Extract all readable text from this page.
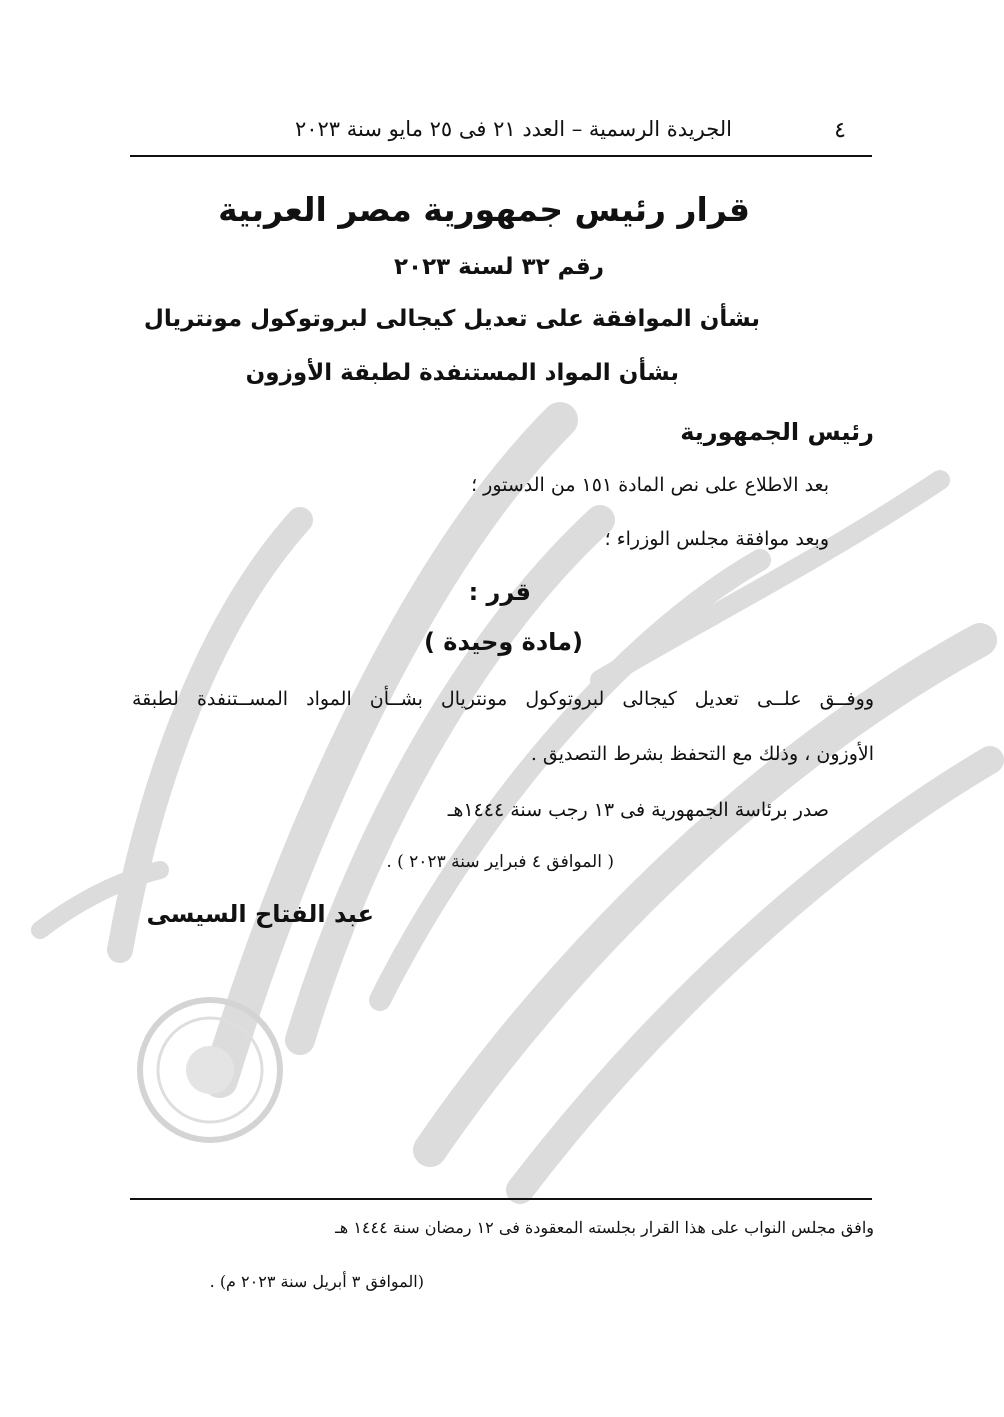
٤
الجريدة الرسمية – العدد ٢١ فى ٢٥ مايو سنة ٢٠٢٣
قرار رئيس جمهورية مصر العربية
رقم ٣٢ لسنة ٢٠٢٣
بشأن الموافقة على تعديل كيجالى لبروتوكول مونتريال
بشأن المواد المستنفدة لطبقة الأوزون
رئيس الجمهورية
بعد الاطلاع على نص المادة ١٥١ من الدستور ؛
وبعد موافقة مجلس الوزراء ؛
قرر :
(مادة وحيدة )
ووفــق علــى تعديل كيجالى لبروتوكول مونتريال بشــأن المواد المســتنفدة لطبقة
الأوزون ، وذلك مع التحفظ بشرط التصديق .
صدر برئاسة الجمهورية فى ١٣ رجب سنة ١٤٤٤هـ
( الموافق ٤ فبراير سنة ٢٠٢٣ ) .
عبد الفتاح السيسى
وافق مجلس النواب على هذا القرار بجلسته المعقودة فى ١٢ رمضان سنة ١٤٤٤ هـ
(الموافق ٣ أبريل سنة ٢٠٢٣ م) .
